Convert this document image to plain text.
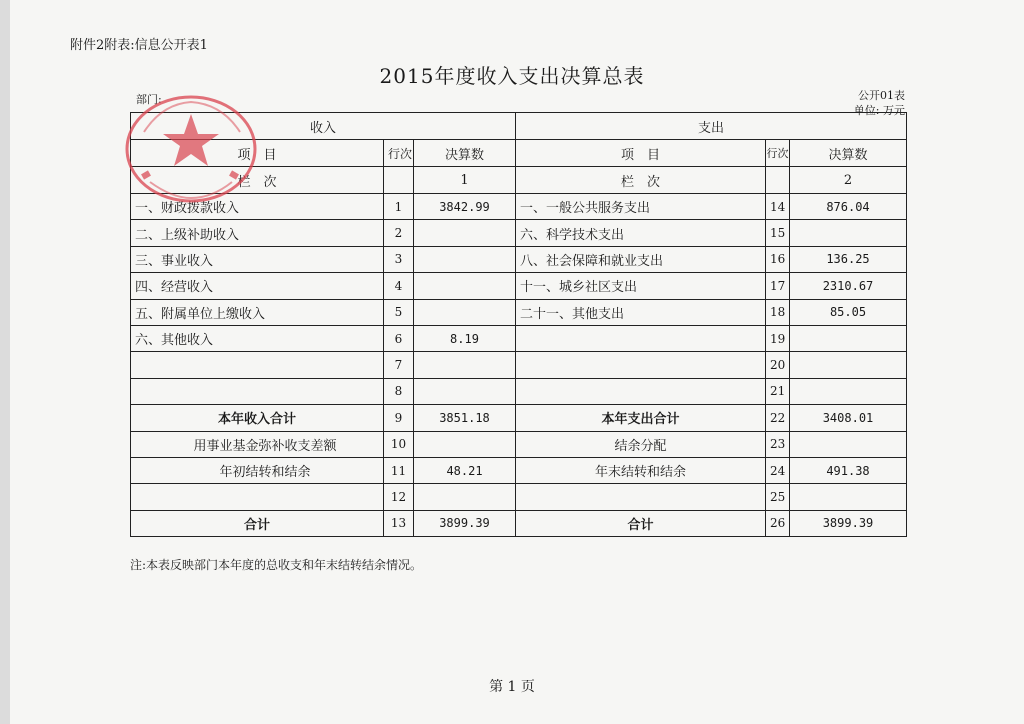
附件2附表:信息公开表1
2015年度收入支出决算总表
部门:	公开01表
单位: 万元
收入			支出		
项　目	行次	决算数	项　目	行次	决算数
栏　次		1	栏　次		2
一、财政拨款收入	1	3842.99	一、一般公共服务支出	14	876.04
二、上级补助收入	2		六、科学技术支出	15	
三、事业收入	3		八、社会保障和就业支出	16	136.25
四、经营收入	4		十一、城乡社区支出	17	2310.67
五、附属单位上缴收入	5		二十一、其他支出	18	85.05
六、其他收入	6	8.19		19	
	7			20	
	8			21	
本年收入合计	9	3851.18	本年支出合计	22	3408.01
用事业基金弥补收支差额	10		结余分配	23	
年初结转和结余	11	48.21	年末结转和结余	24	491.38
	12			25	
合计	13	3899.39	合计	26	3899.39
注:本表反映部门本年度的总收支和年末结转结余情况。
第 1 页
